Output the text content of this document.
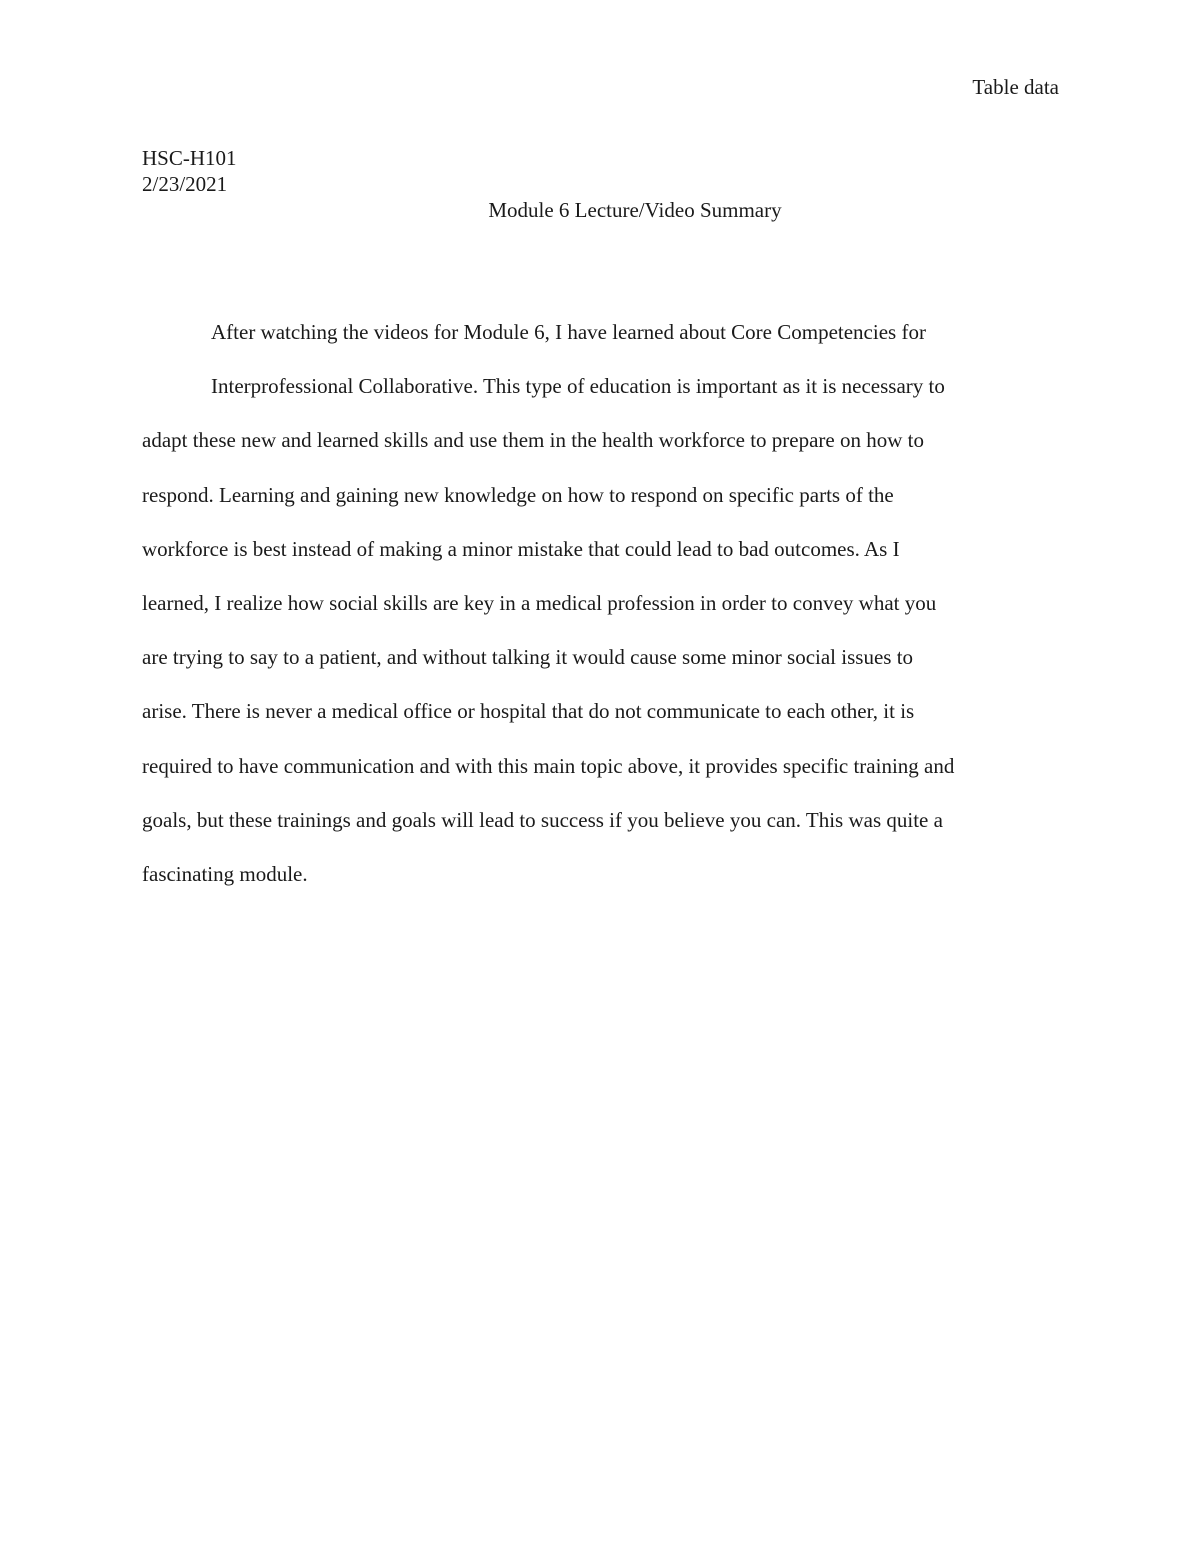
Table data
HSC-H101
2/23/2021
Module 6 Lecture/Video Summary
After watching the videos for Module 6, I have learned about Core Competencies for
Interprofessional Collaborative. This type of education is important as it is necessary to
adapt these new and learned skills and use them in the health workforce to prepare on how to
respond. Learning and gaining new knowledge on how to respond on specific parts of the
workforce is best instead of making a minor mistake that could lead to bad outcomes. As I
learned, I realize how social skills are key in a medical profession in order to convey what you
are trying to say to a patient, and without talking it would cause some minor social issues to
arise. There is never a medical office or hospital that do not communicate to each other, it is
required to have communication and with this main topic above, it provides specific training and
goals, but these trainings and goals will lead to success if you believe you can. This was quite a
fascinating module.
